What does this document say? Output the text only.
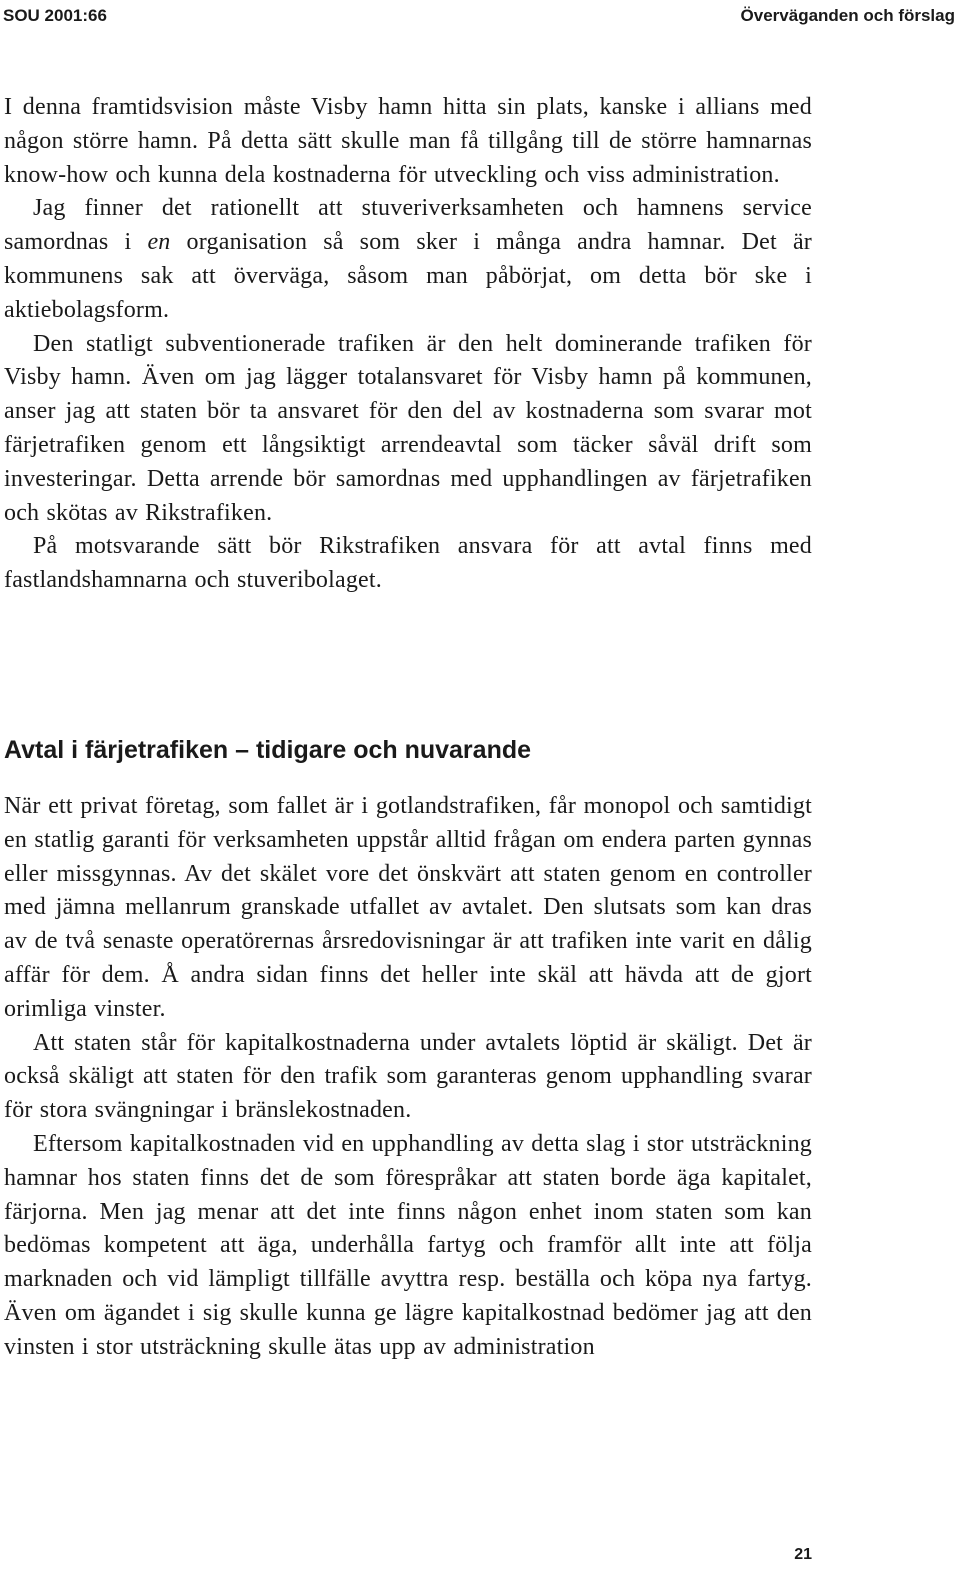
SOU 2001:66	Överväganden och förslag

I denna framtidsvision måste Visby hamn hitta sin plats, kanske i allians med någon större hamn. På detta sätt skulle man få tillgång till de större hamnarnas know-how och kunna dela kostnaderna för utveckling och viss administration.

Jag finner det rationellt att stuveriverksamheten och hamnens service samordnas i en organisation så som sker i många andra hamnar. Det är kommunens sak att överväga, såsom man påbörjat, om detta bör ske i aktiebolagsform.

Den statligt subventionerade trafiken är den helt dominerande trafiken för Visby hamn. Även om jag lägger totalansvaret för Visby hamn på kommunen, anser jag att staten bör ta ansvaret för den del av kostnaderna som svarar mot färjetrafiken genom ett långsiktigt arrendeavtal som täcker såväl drift som investeringar. Detta arrende bör samordnas med upphandlingen av färjetrafiken och skötas av Rikstrafiken.

På motsvarande sätt bör Rikstrafiken ansvara för att avtal finns med fastlandshamnarna och stuveribolaget.

Avtal i färjetrafiken – tidigare och nuvarande

När ett privat företag, som fallet är i gotlandstrafiken, får monopol och samtidigt en statlig garanti för verksamheten uppstår alltid frågan om endera parten gynnas eller missgynnas. Av det skälet vore det önskvärt att staten genom en controller med jämna mellanrum granskade utfallet av avtalet. Den slutsats som kan dras av de två senaste operatörernas årsredovisningar är att trafiken inte varit en dålig affär för dem. Å andra sidan finns det heller inte skäl att hävda att de gjort orimliga vinster.

Att staten står för kapitalkostnaderna under avtalets löptid är skäligt. Det är också skäligt att staten för den trafik som garanteras genom upphandling svarar för stora svängningar i bränslekostnaden.

Eftersom kapitalkostnaden vid en upphandling av detta slag i stor utsträckning hamnar hos staten finns det de som förespråkar att staten borde äga kapitalet, färjorna. Men jag menar att det inte finns någon enhet inom staten som kan bedömas kompetent att äga, underhålla fartyg och framför allt inte att följa marknaden och vid lämpligt tillfälle avyttra resp. beställa och köpa nya fartyg. Även om ägandet i sig skulle kunna ge lägre kapitalkostnad bedömer jag att den vinsten i stor utsträckning skulle ätas upp av administration

21
